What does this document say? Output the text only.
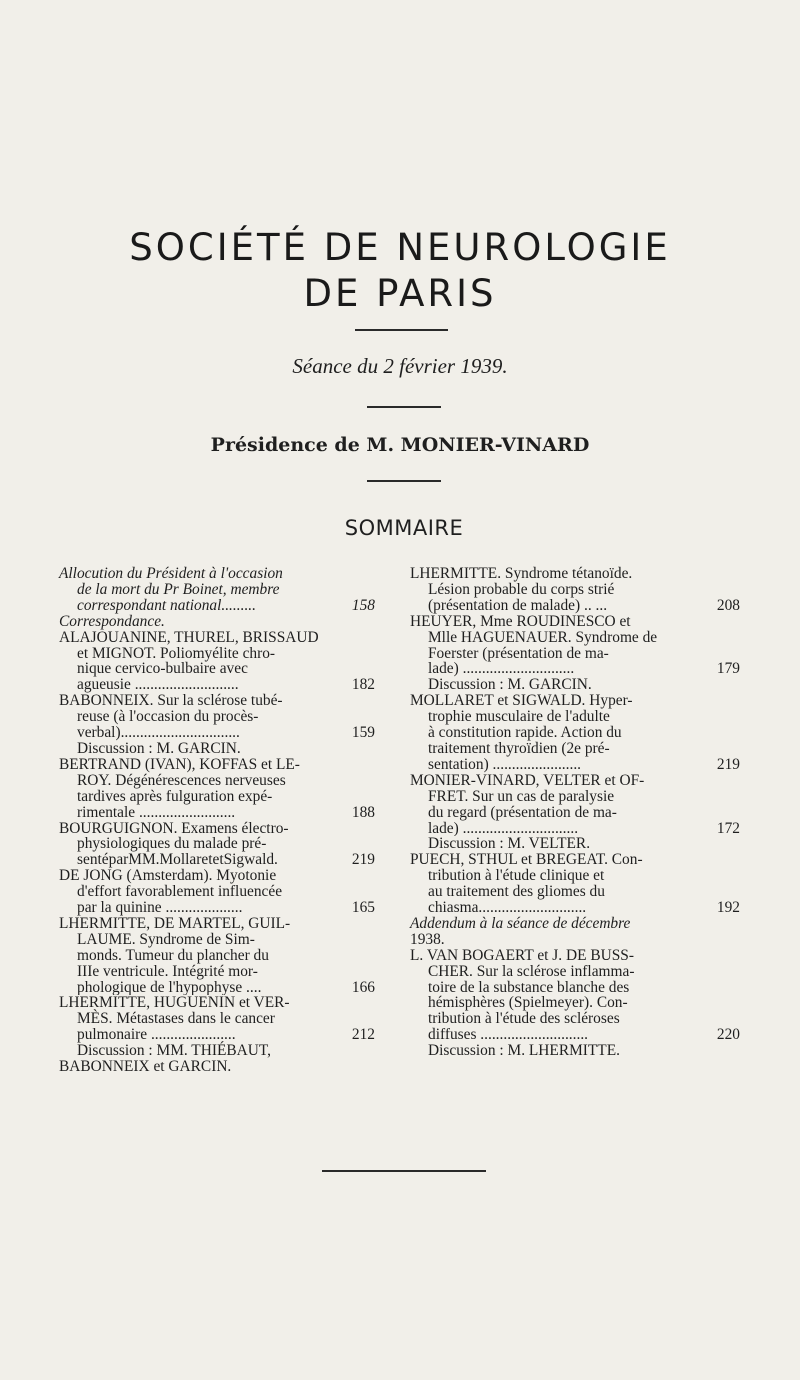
SOCIÉTÉ DE NEUROLOGIE
DE PARIS
Séance du 2 février 1939.
Présidence de M. MONIER-VINARD
SOMMAIRE
Allocution du Président à l'occasion
de la mort du Pr Boinet, membre
correspondant national.........	158
Correspondance.
ALAJOUANINE, THUREL, BRISSAUD
et MIGNOT. Poliomyélite chro-
nique cervico-bulbaire avec
agueusie ...........................	182
BABONNEIX. Sur la sclérose tubé-
reuse (à l'occasion du procès-
verbal)...............................	159
Discussion : M. GARCIN.
BERTRAND (IVAN), KOFFAS et LE-
ROY. Dégénérescences nerveuses
tardives après fulguration expé-
rimentale .........................	188
BOURGUIGNON. Examens électro-
physiologiques du malade pré-
sentéparMM.MollaretetSigwald.	219
DE JONG (Amsterdam). Myotonie
d'effort favorablement influencée
par la quinine ....................	165
LHERMITTE, DE MARTEL, GUIL-
LAUME. Syndrome de Sim-
monds. Tumeur du plancher du
IIIe ventricule. Intégrité mor-
phologique de l'hypophyse ....	166
LHERMITTE, HUGUENIN et VER-
MÈS. Métastases dans le cancer
pulmonaire ......................	212
Discussion : MM. THIÉBAUT,
BABONNEIX et GARCIN.
LHERMITTE. Syndrome tétanoïde.
Lésion probable du corps strié
(présentation de malade) .. ...	208
HEUYER, Mme ROUDINESCO et
Mlle HAGUENAUER. Syndrome de
Foerster (présentation de ma-
lade) .............................	179
Discussion : M. GARCIN.
MOLLARET et SIGWALD. Hyper-
trophie musculaire de l'adulte
à constitution rapide. Action du
traitement thyroïdien (2e pré-
sentation) .......................	219
MONIER-VINARD, VELTER et OF-
FRET. Sur un cas de paralysie
du regard (présentation de ma-
lade) ..............................	172
Discussion : M. VELTER.
PUECH, STHUL et BREGEAT. Con-
tribution à l'étude clinique et
au traitement des gliomes du
chiasma............................	192
Addendum à la séance de décembre
1938.
L. VAN BOGAERT et J. DE BUSS-
CHER. Sur la sclérose inflamma-
toire de la substance blanche des
hémisphères (Spielmeyer). Con-
tribution à l'étude des scléroses
diffuses ............................	220
Discussion : M. LHERMITTE.
